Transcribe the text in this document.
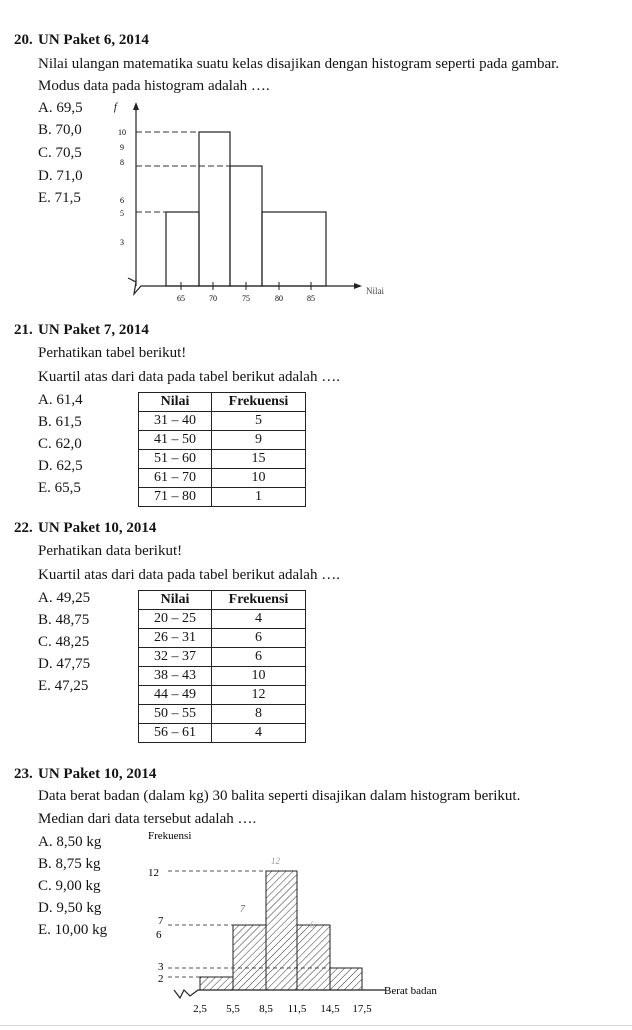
20. UN Paket 6, 2014
Nilai ulangan matematika suatu kelas disajikan dengan histogram seperti pada gambar.
Modus data pada histogram adalah ….
A. 69,5
B. 70,0
C. 70,5
D. 71,0
E. 71,5
f
Nilai
10
9
8
6
5
3
65	70	75	80	85
21. UN Paket 7, 2014
Perhatikan tabel berikut!
Kuartil atas dari data pada tabel berikut adalah ….
A. 61,4
B. 61,5
C. 62,0
D. 62,5
E. 65,5
Nilai	Frekuensi
31 – 40	5
41 – 50	9
51 – 60	15
61 – 70	10
71 – 80	1
22. UN Paket 10, 2014
Perhatikan data berikut!
Kuartil atas dari data pada tabel berikut adalah ….
A. 49,25
B. 48,75
C. 48,25
D. 47,75
E. 47,25
Nilai	Frekuensi
20 – 25	4
26 – 31	6
32 – 37	6
38 – 43	10
44 – 49	12
50 – 55	8
56 – 61	4
23. UN Paket 10, 2014
Data berat badan (dalam kg) 30 balita seperti disajikan dalam histogram berikut.
Median dari data tersebut adalah ….
A. 8,50 kg
B. 8,75 kg
C. 9,00 kg
D. 9,50 kg
E. 10,00 kg
Frekuensi
12
7
6
3
2
12
7
6
Berat badan
2,5 5,5 8,5 11,5 14,5 17,5
